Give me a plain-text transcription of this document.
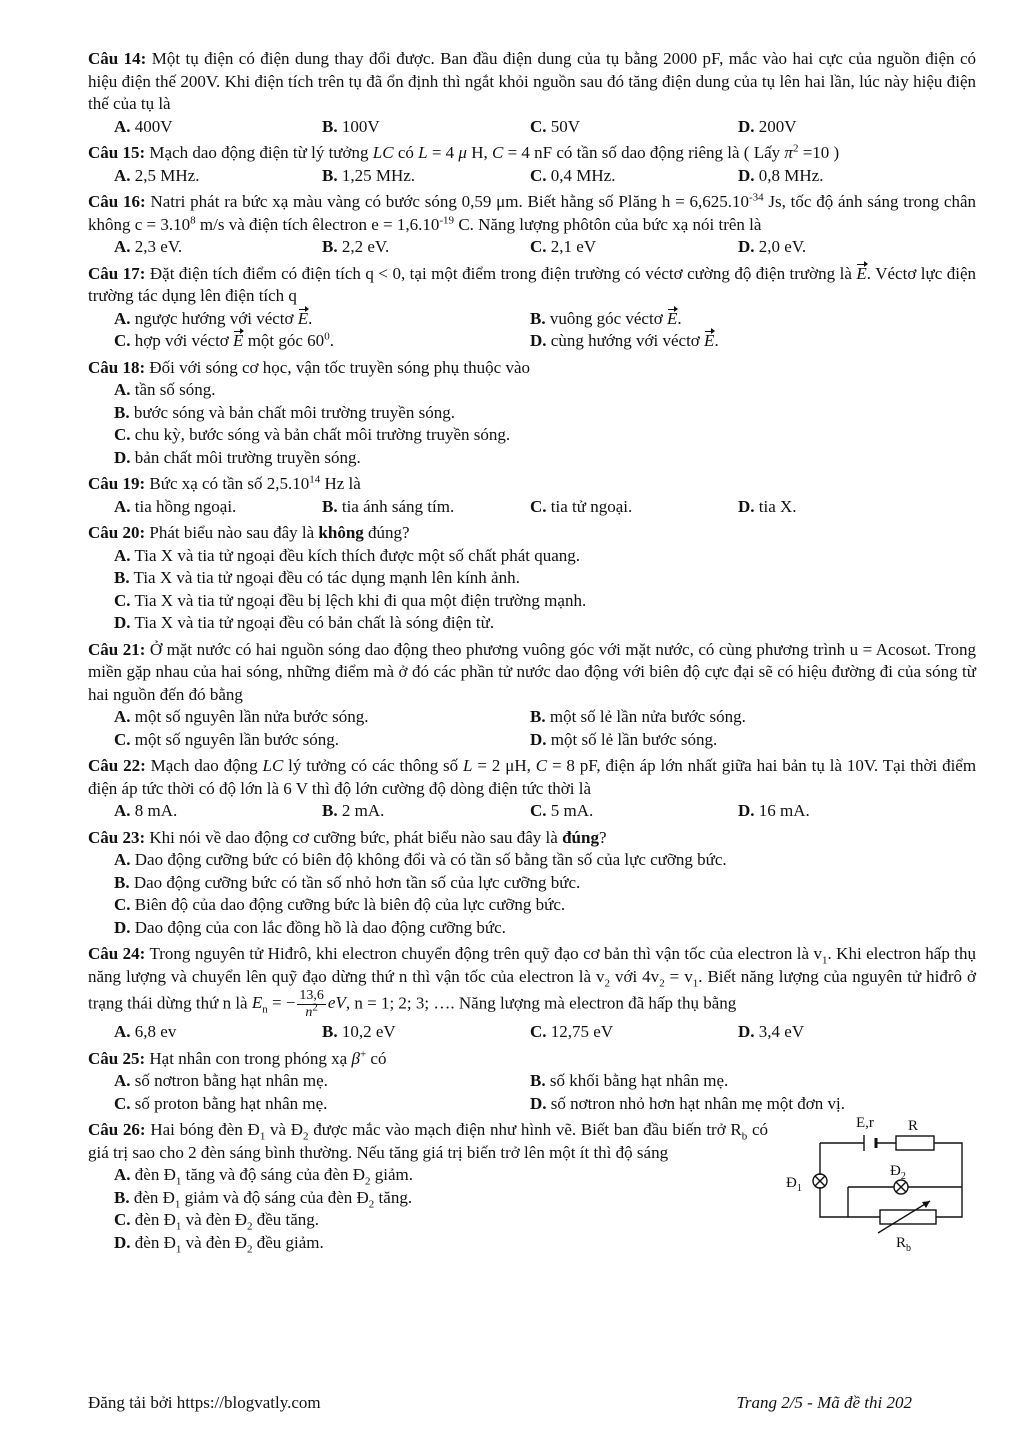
Câu 14: Một tụ điện có điện dung thay đổi được. Ban đầu điện dung của tụ bằng 2000 pF, mắc vào hai cực của nguồn điện có hiệu điện thế 200V. Khi điện tích trên tụ đã ổn định thì ngắt khỏi nguồn sau đó tăng điện dung của tụ lên hai lần, lúc này hiệu điện thế của tụ là
A. 400V	B. 100V	C. 50V	D. 200V
Câu 15: Mạch dao động điện từ lý tưởng LC có L = 4 μ H, C = 4 nF có tần số dao động riêng là ( Lấy $\pi^2 =10$ )
A. 2,5 MHz.	B. 1,25 MHz.	C. 0,4 MHz.	D. 0,8 MHz.
Câu 16: Natri phát ra bức xạ màu vàng có bước sóng 0,59 μm. Biết hằng số Plăng $h = 6,625.10^{-34}$ Js, tốc độ ánh sáng trong chân không $c = 3.10^8$ m/s và điện tích êlectron $e = 1,6.10^{-19}$ C. Năng lượng phôtôn của bức xạ nói trên là
A. 2,3 eV.	B. 2,2 eV.	C. 2,1 eV	D. 2,0 eV.
Câu 17: Đặt điện tích điểm có điện tích q < 0, tại một điểm trong điện trường có véctơ cường độ điện trường là E. Véctơ lực điện trường tác dụng lên điện tích q
A. ngược hướng với véctơ E.	B. vuông góc véctơ E.
C. hợp với véctơ E một góc $60^0$.	D. cùng hướng với véctơ E.
Câu 18: Đối với sóng cơ học, vận tốc truyền sóng phụ thuộc vào
A. tần số sóng.
B. bước sóng và bản chất môi trường truyền sóng.
C. chu kỳ, bước sóng và bản chất môi trường truyền sóng.
D. bản chất môi trường truyền sóng.
Câu 19: Bức xạ có tần số 2,5.10$^{14}$ Hz là
A. tia hồng ngoại.	B. tia ánh sáng tím.	C. tia tử ngoại.	D. tia X.
Câu 20: Phát biểu nào sau đây là không đúng?
A. Tia X và tia tử ngoại đều kích thích được một số chất phát quang.
B. Tia X và tia tử ngoại đều có tác dụng mạnh lên kính ảnh.
C. Tia X và tia tử ngoại đều bị lệch khi đi qua một điện trường mạnh.
D. Tia X và tia tử ngoại đều có bản chất là sóng điện từ.
Câu 21: Ở mặt nước có hai nguồn sóng dao động theo phương vuông góc với mặt nước, có cùng phương trình u = Acosωt. Trong miền gặp nhau của hai sóng, những điểm mà ở đó các phần tử nước dao động với biên độ cực đại sẽ có hiệu đường đi của sóng từ hai nguồn đến đó bằng
A. một số nguyên lần nửa bước sóng.	B. một số lẻ lần nửa bước sóng.
C. một số nguyên lần bước sóng.	D. một số lẻ lần bước sóng.
Câu 22: Mạch dao động LC lý tưởng có các thông số L = 2 μH, C = 8 pF, điện áp lớn nhất giữa hai bản tụ là 10V. Tại thời điểm điện áp tức thời có độ lớn là 6 V thì độ lớn cường độ dòng điện tức thời là
A. 8 mA.	B. 2 mA.	C. 5 mA.	D. 16 mA.
Câu 23: Khi nói về dao động cơ cưỡng bức, phát biểu nào sau đây là đúng?
A. Dao động cưỡng bức có biên độ không đổi và có tần số bằng tần số của lực cưỡng bức.
B. Dao động cưỡng bức có tần số nhỏ hơn tần số của lực cưỡng bức.
C. Biên độ của dao động cưỡng bức là biên độ của lực cưỡng bức.
D. Dao động của con lắc đồng hồ là dao động cưỡng bức.
Câu 24: Trong nguyên tử Hiđrô, khi electron chuyển động trên quỹ đạo cơ bản thì vận tốc của electron là $v_1$. Khi electron hấp thụ năng lượng và chuyển lên quỹ đạo dừng thứ n thì vận tốc của electron là $v_2$ với $4v_2 = v_1$. Biết năng lượng của nguyên tử hiđrô ở trạng thái dừng thứ n là $E_n$ = − $\frac{13,6}{n^2}$ eV, n = 1; 2; 3; …. Năng lượng mà electron đã hấp thụ bằng
A. 6,8 ev	B. 10,2 eV	C. 12,75 eV	D. 3,4 eV
Câu 25: Hạt nhân con trong phóng xạ β+ có
A. số nơtron bằng hạt nhân mẹ.	B. số khối bằng hạt nhân mẹ.
C. số proton bằng hạt nhân mẹ.	D. số nơtron nhỏ hơn hạt nhân mẹ một đơn vị.
Câu 26: Hai bóng đèn $Đ_1$ và $Đ_2$ được mắc vào mạch điện như hình vẽ. Biết ban đầu biến trở $R_b$ có giá trị sao cho 2 đèn sáng bình thường. Nếu tăng giá trị biến trở lên một ít thì độ sáng
A. đèn $Đ_1$ tăng và độ sáng của đèn $Đ_2$ giảm.
B. đèn $Đ_1$ giảm và độ sáng của đèn $Đ_2$ tăng.
C. đèn $Đ_1$ và đèn $Đ_2$ đều tăng.
D. đèn $Đ_1$ và đèn $Đ_2$ đều giảm.
E,r R
$Đ_1$
$Đ_2$
$R_b$
Đăng tải bởi https://blogvatly.com	Trang 2/5 - Mã đề thi 202
